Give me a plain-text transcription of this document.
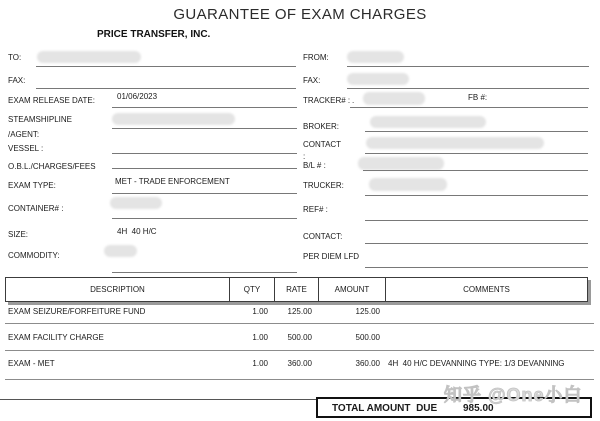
GUARANTEE OF EXAM CHARGES
PRICE TRANSFER, INC.
TO:
FAX:
EXAM RELEASE DATE:	01/06/2023
STEAMSHIPLINE
/AGENT:
VESSEL :
O.B.L./CHARGES/FEES
EXAM TYPE:	MET - TRADE ENFORCEMENT
CONTAINER# :
SIZE:	4H  40 H/C
COMMODITY:
FROM:
FAX:
TRACKER# : .	FB #:
BROKER:
CONTACT
:
B/L # :
TRUCKER:
REF# :
CONTACT:
PER DIEM LFD
DESCRIPTION	QTY	RATE	AMOUNT	COMMENTS
EXAM SEIZURE/FORFEITURE FUND	1.00	125.00	125.00
EXAM FACILITY CHARGE	1.00	500.00	500.00
EXAM - MET	1.00	360.00	360.00 4H  40 H/C DEVANNING TYPE: 1/3 DEVANNING
TOTAL AMOUNT  DUE	985.00
知乎 @One小白
